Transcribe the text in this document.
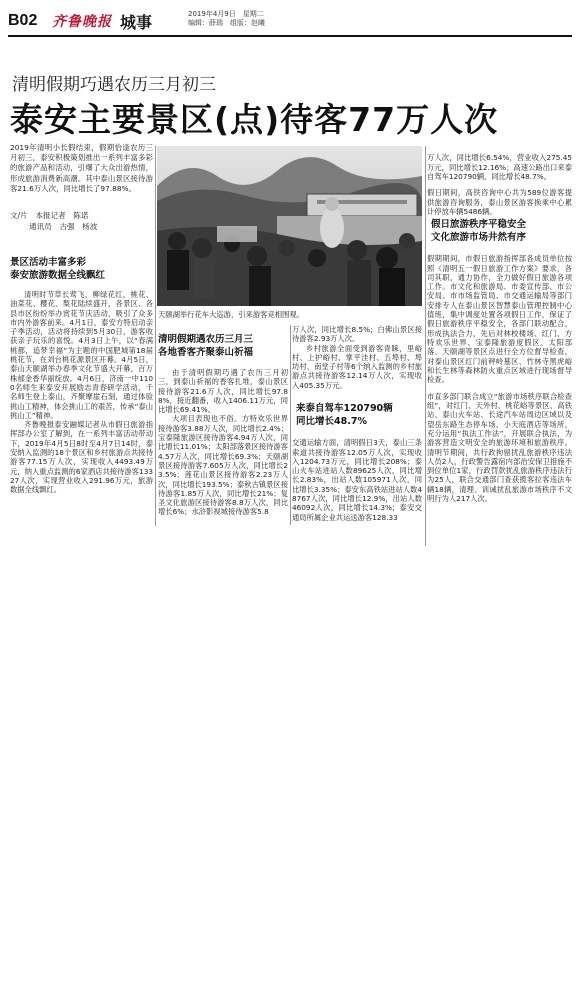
B02 齐鲁晚报 城事	2019年4月9日　星期二
编辑：薛瑞　组版：赵曦
清明假期巧遇农历三月初三
泰安主要景区(点)待客77万人次
2019年清明小长假结束，假期恰逢农历三月初三，泰安积极策划推出一系列丰富多彩的旅游产品和活动，引爆了大众出游热情，形成旅游消费新高潮。其中泰山景区接待游客21.6万人次，同比增长了97.88%。
文/片　本报记者　陈诺
通讯员　古强　杨波
景区活动丰富多彩
泰安旅游数据全线飘红

清明时节草长莺飞，柳绿花红，桃花、油菜花、樱花、梨花陆续盛开，各景区、各县市区纷纷举办赏花节庆活动，吸引了众多市内外游客前来。4月1日，泰安方特启动亲子季活动，活动将持续到5月30日，游客收获亲子玩乐的喜悦。4月3日上午，以“春满桃都，追梦幸福”为主题的中国肥城第18届桃花节，在刘台桃花源景区开幕。4月5日，泰山天颐湖举办春季文化节盛大开幕，百万株郁金香华丽绽放。4月6日，济南一中1100名师生来泰安开展励志青春研学活动，千名师生登上泰山，齐聚摩崖石刻，通过体验挑山工精神，体会挑山工的艰苦，传承“泰山挑山工”精神。

齐鲁晚报泰安融媒记者从市假日旅游指挥部办公室了解到，在一系列丰富活动带动下，2019年4月5日8时至4月7日14时，泰安纳入监测的18个景区和乡村旅游点共接待游客77.15万人次，实现收入4493.49万元，纳入重点监测的6家酒店共接待游客13327人次，实现营业收入291.96万元，旅游数据全线飘红。

天颐湖举行花车大巡游，引来游客竞相围观。
清明假期遇农历三月三
各地香客齐聚泰山祈福

由于清明假期巧遇了农历三月初三，到泰山祈福的香客扎堆，泰山景区接待游客21.6万人次，同比增长97.88%，接近翻番，收入1406.11万元，同比增长69.41%。

大项目表现也不俗。方特欢乐世界接待游客3.88万人次，同比增长2.4%；宝泰隆旅游区接待游客4.94万人次，同比增长11.01%；太阳部落景区接待游客4.57万人次，同比增长69.3%；天颐湖景区接待游客7.605万人次，同比增长23.5%；莲花山景区接待游客2.23万人次，同比增长193.5%；泰秋古镇景区接待游客1.85万人次，同比增长21%；复圣文化旅游区接待游客8.8万人次，同比增长6%；水浒影视城接待游客5.8

万人次，同比增长8.5%；白佛山景区接待游客2.93万人次。

乡村旅游全面受到游客青睐，里峪村、上护峪村、掌平洼村、五埠村、埠坊村、南堂子村等6个纳入监测的乡村旅游点共接待游客12.14万人次，实现收入405.35万元。

来泰自驾车120790辆
同比增长48.7%

交通运输方面，清明假日3天，泰山三条索道共接待游客12.05万人次，实现收入1204.73万元，同比增长208%；泰山火车站进站人数89625人次，同比增长2.83%，出站人数105971人次，同比增长3.35%；泰安东高铁站进站人数48767人次，同比增长12.9%，出站人数46092人次，同比增长14.3%；泰安交通局所属企业共运送游客128.33

万人次，同比增长6.54%，营业收入275.45万元，同比增长12.16%；高速公路出口来泰自驾车120790辆，同比增长48.7%。

假日期间，高铁咨询中心共为589位游客提供旅游咨询服务，泰山景区游客换乘中心累计停放车辆5486辆。

假日旅游秩序平稳安全
文化旅游市场井然有序

假期期间，市假日旅游指挥部各成员单位按照《清明五一假日旅游工作方案》要求，各司其职，通力协作，全力做好假日旅游各项工作。市文化和旅游局、市委宣传部、市公安局、市市场监管局、市交通运输局等部门安排专人在泰山景区智慧泰山管理控制中心值班，集中调度处置各项假日工作，保证了假日旅游秩序平稳安全，各部门联动配合，形成执法合力，先后对林校楼场、红门、方特欢乐世界、宝泰隆旅游度假区、太阳部落、天颐湖等景区点进行全方位督导检查，对泰山景区红门前秤岭墓区、竹林寺黑虎峪和长生林等森林防火重点区域进行现场督导检查。

市直多部门联合成立“旅游市场秩序联合检查组”，对红门、天外村、桃花峪等景区、高铁站、泰山火车站、长途汽车站周边区域以及望岳东路生态停车场、小天庭酒店等场所，充分运用“执法工作法”，开展联合执法，为游客营造文明安全的旅游环境和旅游秩序。清明节期间，共行政拘留扰乱旅游秩序违法人员2人，行政警告露宿内部治安保卫措施不到位单位1家，行政罚款扰乱旅游秩序违法行为25人，联合交通部门查获揽客拉客违法车辆18辆，清理、训诫扰乱旅游市场秩序不文明行为人217人次。
